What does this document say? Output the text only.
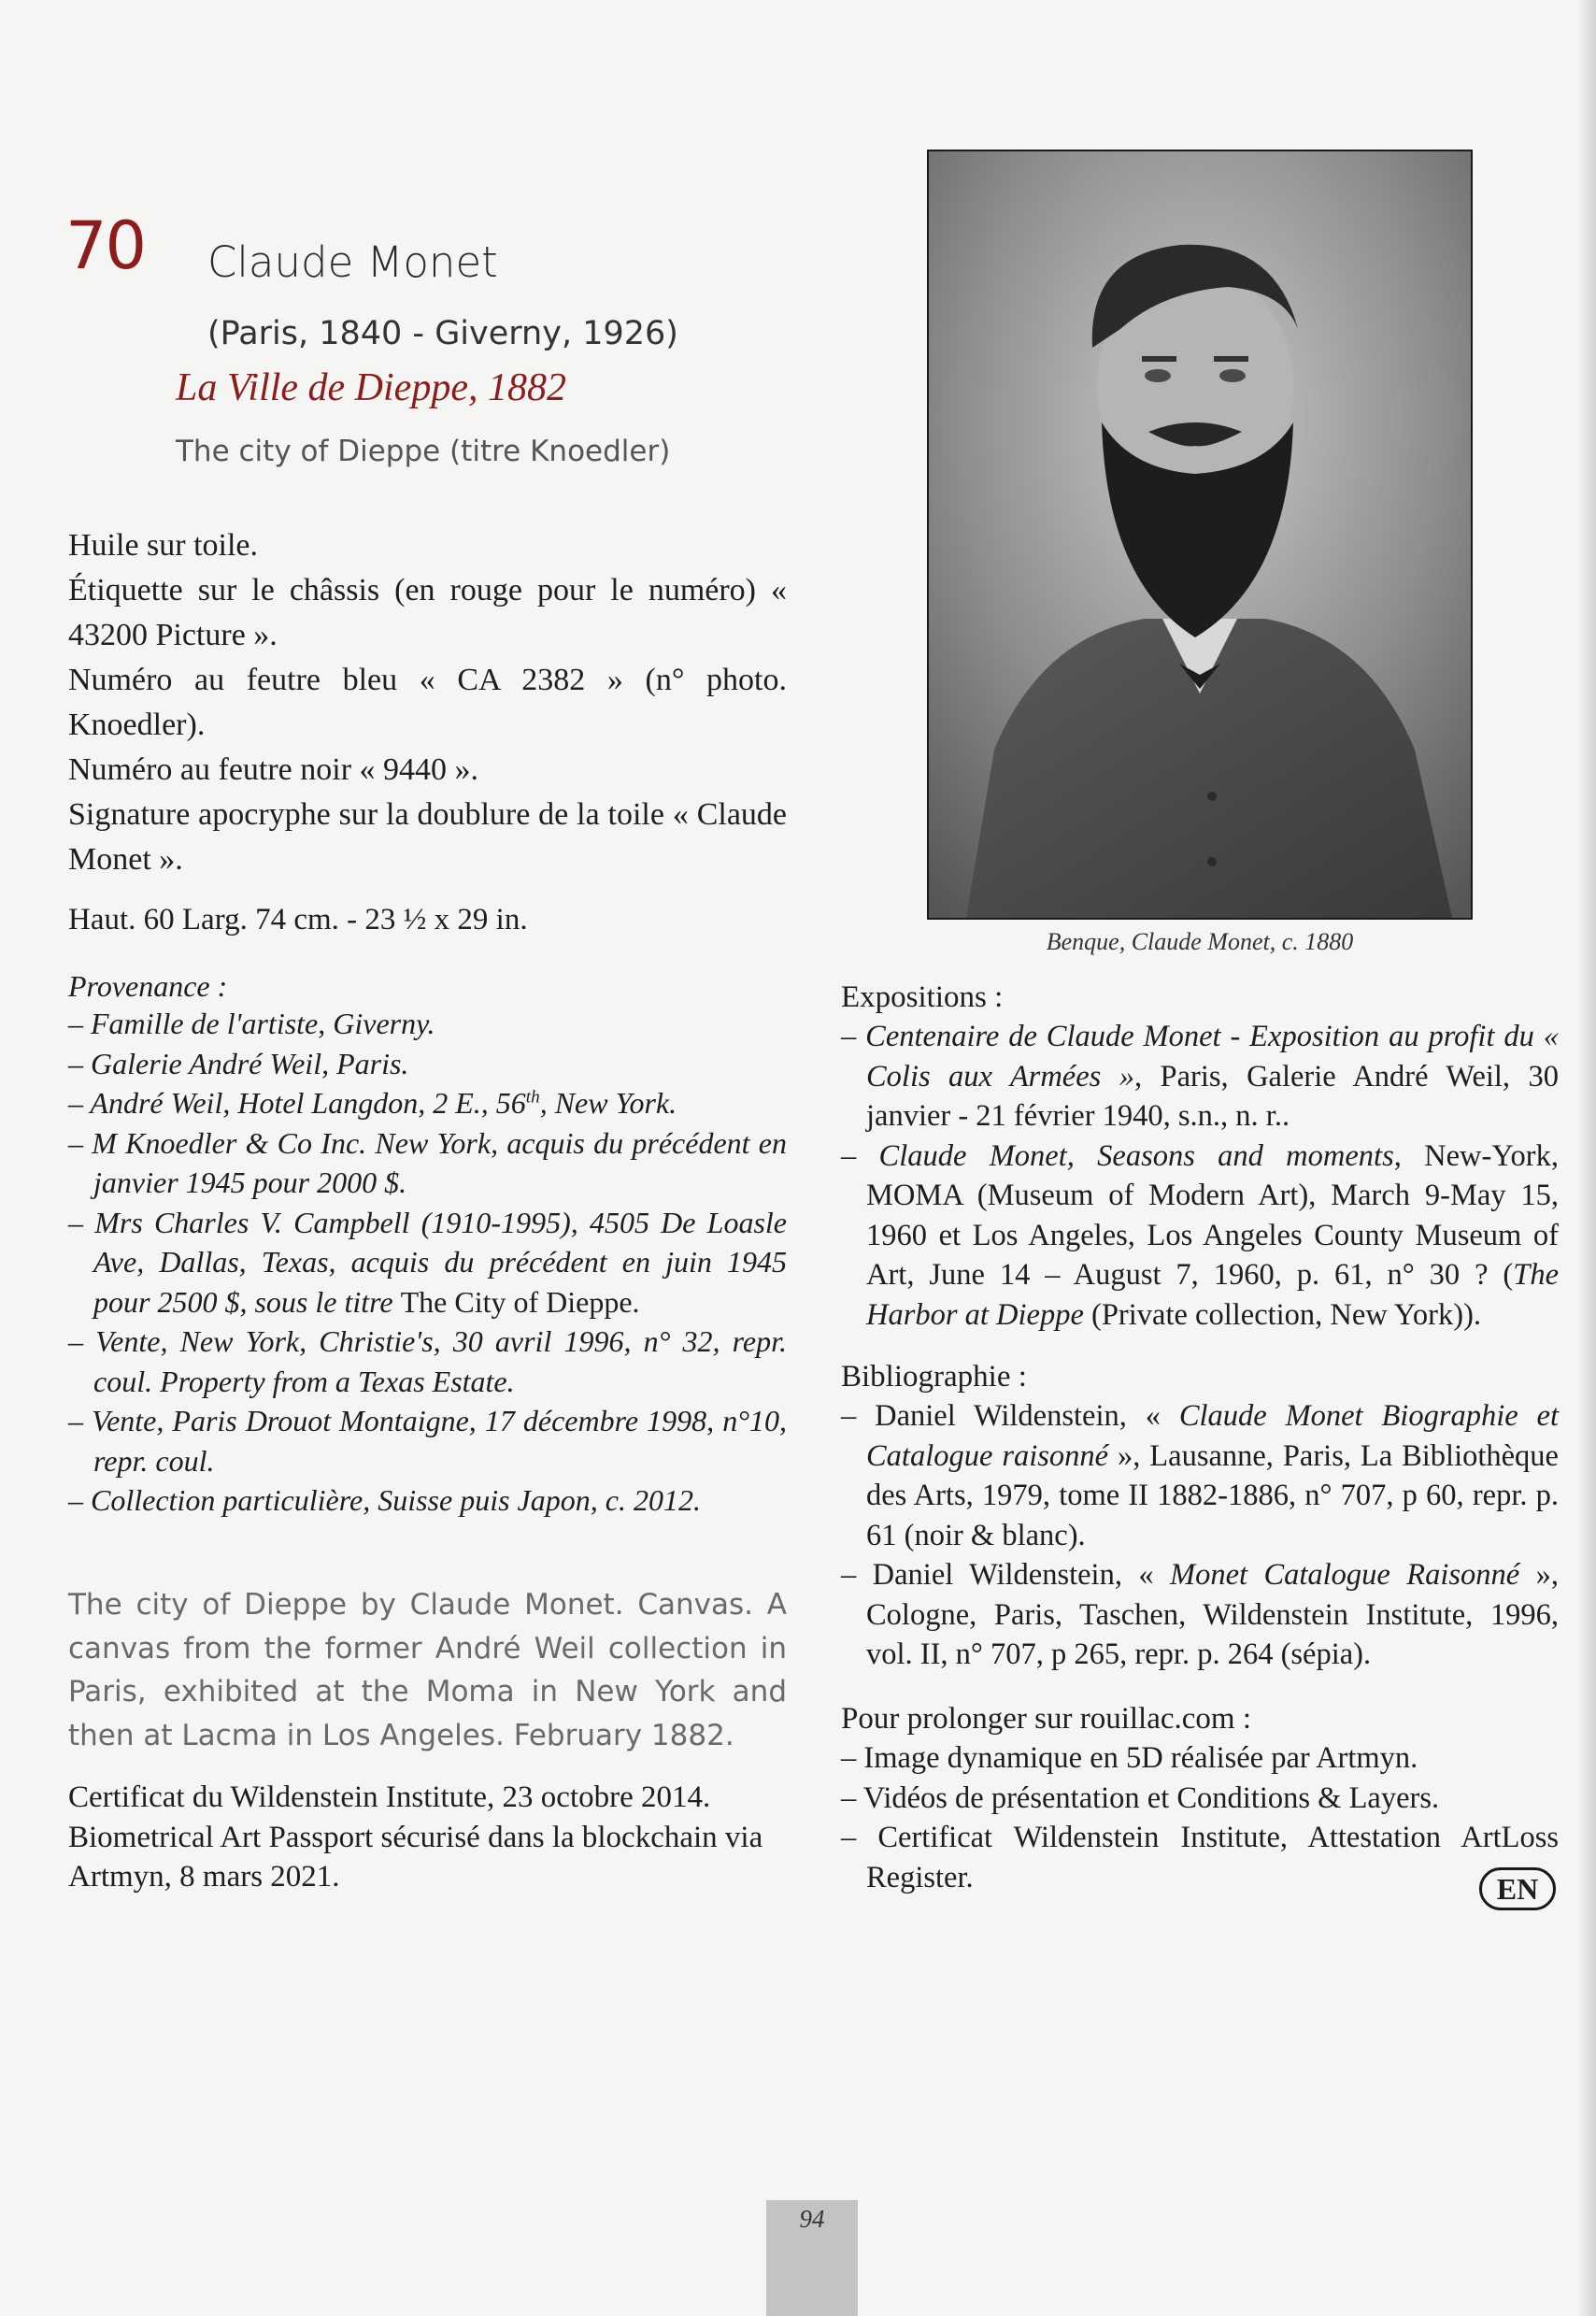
70 Claude Monet
(Paris, 1840 - Giverny, 1926)
La Ville de Dieppe, 1882
The city of Dieppe (titre Knoedler)

Huile sur toile.

Étiquette sur le châssis (en rouge pour le numéro) « 43200 Picture ».

Numéro au feutre bleu « CA 2382 » (n° photo. Knoedler).

Numéro au feutre noir « 9440 ».

Signature apocryphe sur la doublure de la toile « Claude Monet ».

Haut. 60 Larg. 74 cm. - 23 ½ x 29 in.
Provenance :
– Famille de l'artiste, Giverny.
– Galerie André Weil, Paris.
– André Weil, Hotel Langdon, 2 E., 56th, New York.
– M Knoedler & Co Inc. New York, acquis du précédent en janvier 1945 pour 2000 $.
– Mrs Charles V. Campbell (1910-1995), 4505 De Loasle Ave, Dallas, Texas, acquis du précédent en juin 1945 pour 2500 $, sous le titre The City of Dieppe.
– Vente, New York, Christie's, 30 avril 1996, n° 32, repr. coul. Property from a Texas Estate.
– Vente, Paris Drouot Montaigne, 17 décembre 1998, n°10, repr. coul.
– Collection particulière, Suisse puis Japon, c. 2012.
The city of Dieppe by Claude Monet. Canvas. A canvas from the former André Weil collection in Paris, exhibited at the Moma in New York and then at Lacma in Los Angeles. February 1882.

Certificat du Wildenstein Institute, 23 octobre 2014.

Biometrical Art Passport sécurisé dans la blockchain via Artmyn, 8 mars 2021.

Benque, Claude Monet, c. 1880
Expositions :
– Centenaire de Claude Monet - Exposition au profit du « Colis aux Armées », Paris, Galerie André Weil, 30 janvier - 21 février 1940, s.n., n. r..
– Claude Monet, Seasons and moments, New-York, MOMA (Museum of Modern Art), March 9-May 15, 1960 et Los Angeles, Los Angeles County Museum of Art, June 14 – August 7, 1960, p. 61, n° 30 ? (The Harbor at Dieppe (Private collection, New York)).
Bibliographie :
– Daniel Wildenstein, « Claude Monet Biographie et Catalogue raisonné », Lausanne, Paris, La Bibliothèque des Arts, 1979, tome II 1882-1886, n° 707, p 60, repr. p. 61 (noir & blanc).
– Daniel Wildenstein, « Monet Catalogue Raisonné », Cologne, Paris, Taschen, Wildenstein Institute, 1996, vol. II, n° 707, p 265, repr. p. 264 (sépia).
Pour prolonger sur rouillac.com :
– Image dynamique en 5D réalisée par Artmyn.
– Vidéos de présentation et Conditions & Layers.
– Certificat Wildenstein Institute, Attestation ArtLoss Register.	EN
94
